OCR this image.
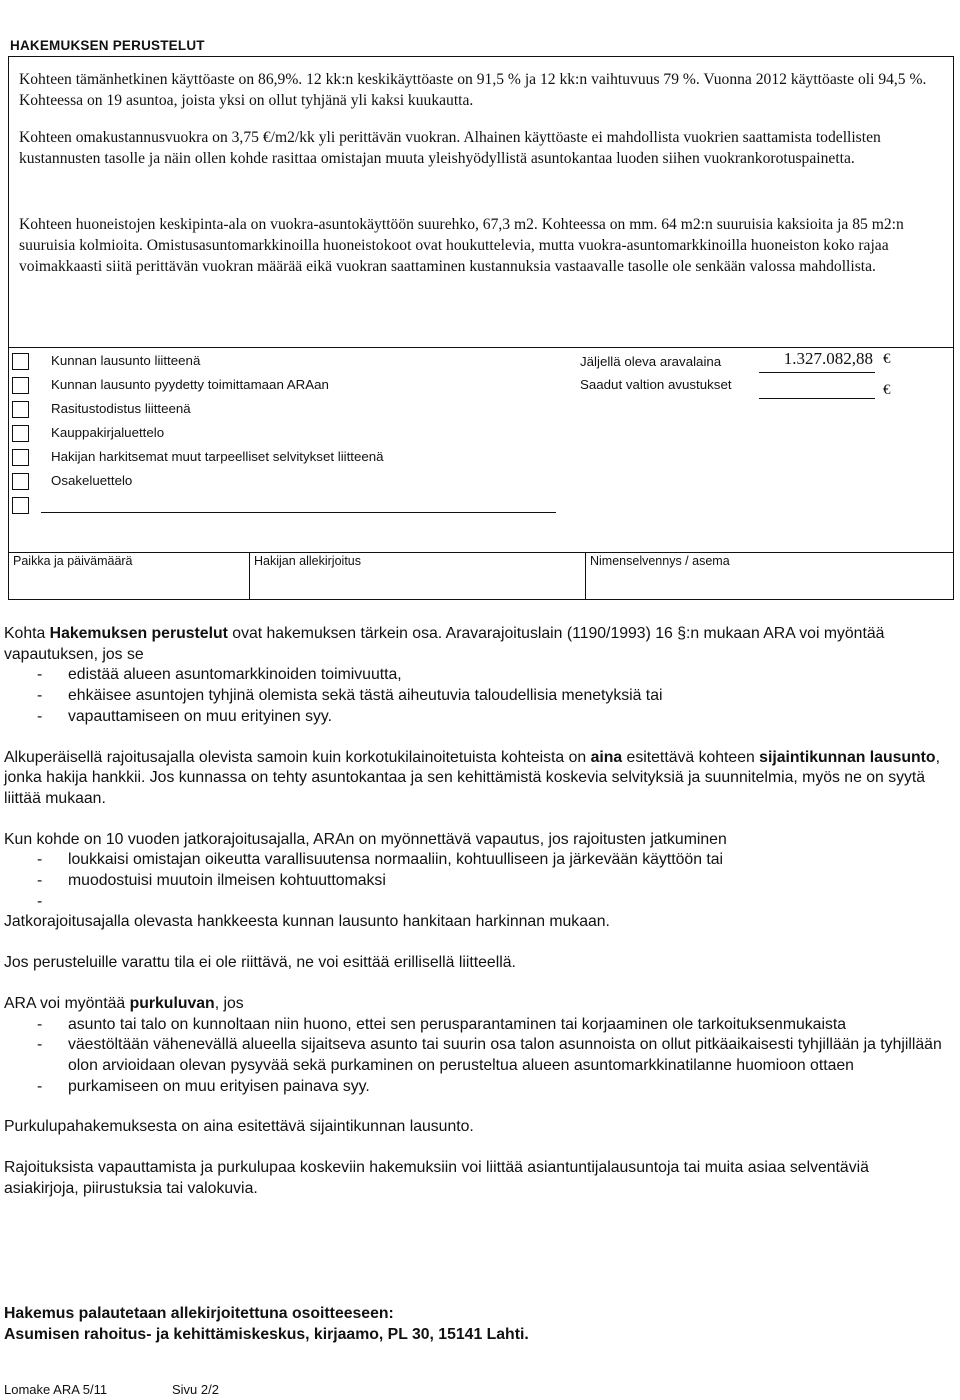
HAKEMUKSEN PERUSTELUT

Kohteen tämänhetkinen käyttöaste on 86,9%. 12 kk:n keskikäyttöaste on 91,5 % ja 12 kk:n vaihtuvuus 79 %. Vuonna 2012 käyttöaste oli 94,5 %. Kohteessa on 19 asuntoa, joista yksi on ollut tyhjänä yli kaksi kuukautta.

Kohteen omakustannusvuokra on 3,75 €/m2/kk yli perittävän vuokran. Alhainen käyttöaste ei mahdollista vuokrien saattamista todellisten kustannusten tasolle ja näin ollen kohde rasittaa omistajan muuta yleishyödyllistä asuntokantaa luoden siihen vuokrankorotuspainetta.

Kohteen huoneistojen keskipinta-ala on vuokra-asuntokäyttöön suurehko, 67,3 m2. Kohteessa on mm. 64 m2:n suuruisia kaksioita ja 85 m2:n suuruisia kolmioita. Omistusasuntomarkkinoilla huoneistokoot ovat houkuttelevia, mutta vuokra-asuntomarkkinoilla huoneiston koko rajaa voimakkaasti siitä perittävän vuokran määrää eikä vuokran saattaminen kustannuksia vastaavalle tasolle ole senkään valossa mahdollista.

Kunnan lausunto liitteenä
Kunnan lausunto pyydetty toimittamaan ARAan
Rasitustodistus liitteenä
Kauppakirjaluettelo
Hakijan harkitsemat muut tarpeelliset selvitykset liitteenä
Osakeluettelo
Jäljellä oleva aravalaina	1.327.082,88 €
Saadut valtion avustukset	€
Paikka ja päivämäärä	Hakijan allekirjoitus	Nimenselvennys / asema

Kohta Hakemuksen perustelut ovat hakemuksen tärkein osa. Aravarajoituslain (1190/1993) 16 §:n mukaan ARA voi myöntää vapautuksen, jos se

- edistää alueen asuntomarkkinoiden toimivuutta,
- ehkäisee asuntojen tyhjinä olemista sekä tästä aiheutuvia taloudellisia menetyksiä tai
- vapauttamiseen on muu erityinen syy.

Alkuperäisellä rajoitusajalla olevista samoin kuin korkotukilainoitetuista kohteista on aina esitettävä kohteen sijaintikunnan lausunto, jonka hakija hankkii. Jos kunnassa on tehty asuntokantaa ja sen kehittämistä koskevia selvityksiä ja suunnitelmia, myös ne on syytä liittää mukaan.

Kun kohde on 10 vuoden jatkorajoitusajalla, ARAn on myönnettävä vapautus, jos rajoitusten jatkuminen

- loukkaisi omistajan oikeutta varallisuutensa normaaliin, kohtuulliseen ja järkevään käyttöön tai
- muodostuisi muutoin ilmeisen kohtuuttomaksi
-

Jatkorajoitusajalla olevasta hankkeesta kunnan lausunto hankitaan harkinnan mukaan.

Jos perusteluille varattu tila ei ole riittävä, ne voi esittää erillisellä liitteellä.

ARA voi myöntää purkuluvan, jos

- asunto tai talo on kunnoltaan niin huono, ettei sen perusparantaminen tai korjaaminen ole tarkoituksenmukaista
- väestöltään vähenevällä alueella sijaitseva asunto tai suurin osa talon asunnoista on ollut pitkäaikaisesti tyhjillään ja tyhjillään olon arvioidaan olevan pysyvää sekä purkaminen on perusteltua alueen asuntomarkkinatilanne huomioon ottaen
- purkamiseen on muu erityisen painava syy.

Purkulupahakemuksesta on aina esitettävä sijaintikunnan lausunto.

Rajoituksista vapauttamista ja purkulupaa koskeviin hakemuksiin voi liittää asiantuntijalausuntoja tai muita asiaa selventäviä asiakirjoja, piirustuksia tai valokuvia.

Hakemus palautetaan allekirjoitettuna osoitteeseen:

Asumisen rahoitus- ja kehittämiskeskus, kirjaamo, PL 30, 15141 Lahti.

Lomake ARA 5/11	Sivu 2/2
